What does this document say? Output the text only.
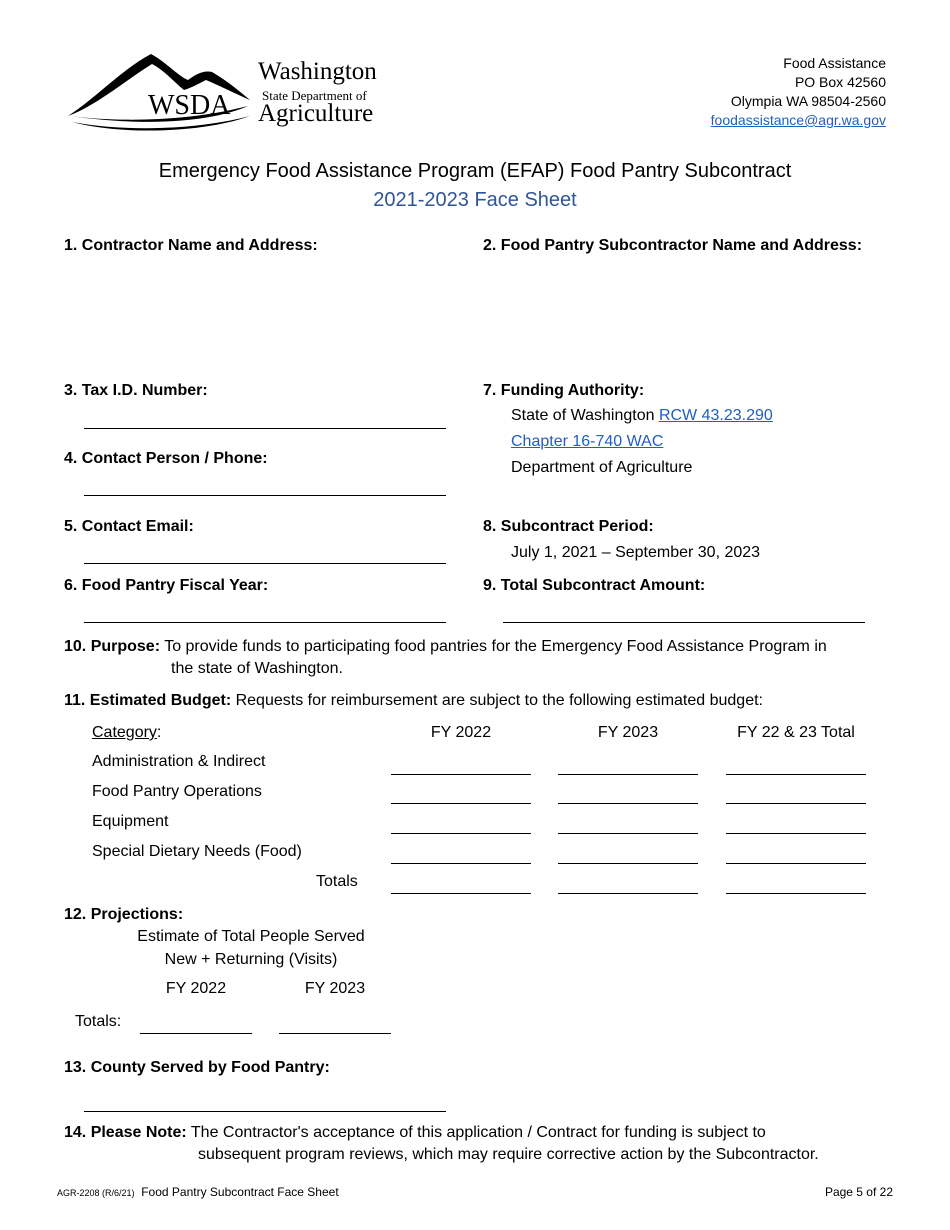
WSDA
Washington
State Department of
Agriculture
Food Assistance
PO Box 42560
Olympia WA 98504-2560
foodassistance@agr.wa.gov
Emergency Food Assistance Program (EFAP) Food Pantry Subcontract
2021-2023 Face Sheet
1. Contractor Name and Address:	2. Food Pantry Subcontractor Name and Address:
3. Tax I.D. Number:
4. Contact Person / Phone:
5. Contact Email:
6. Food Pantry Fiscal Year:
7. Funding Authority:
State of Washington RCW 43.23.290
Chapter 16-740 WAC
Department of Agriculture
8. Subcontract Period:
July 1, 2021 – September 30, 2023
9. Total Subcontract Amount:
10. Purpose: To provide funds to participating food pantries for the Emergency Food Assistance Program in
the state of Washington.
11. Estimated Budget: Requests for reimbursement are subject to the following estimated budget:
Category:	FY 2022	FY 2023	FY 22 & 23 Total
Administration & Indirect
Food Pantry Operations
Equipment
Special Dietary Needs (Food)
Totals
12. Projections:
Estimate of Total People Served
New + Returning (Visits)
FY 2022	FY 2023
Totals:
13. County Served by Food Pantry:
14. Please Note: The Contractor's acceptance of this application / Contract for funding is subject to
subsequent program reviews, which may require corrective action by the Subcontractor.
AGR-2208 (R/6/21) Food Pantry Subcontract Face Sheet	Page 5 of 22
